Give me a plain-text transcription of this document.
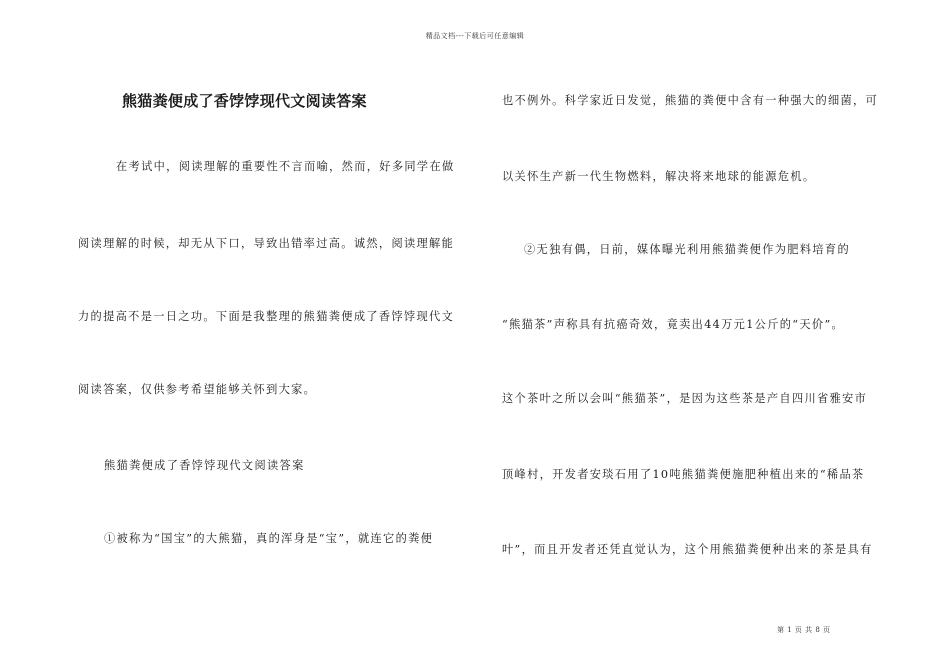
精品文档---下载后可任意编辑
熊猫粪便成了香饽饽现代文阅读答案
在考试中，阅读理解的重要性不言而喻，然而，好多同学在做
阅读理解的时候，却无从下口，导致出错率过高。诚然，阅读理解能
力的提高不是一日之功。下面是我整理的熊猫粪便成了香饽饽现代文
阅读答案，仅供参考希望能够关怀到大家。
熊猫粪便成了香饽饽现代文阅读答案
①被称为“国宝”的大熊猫，真的浑身是“宝”，就连它的粪便
也不例外。科学家近日发觉，熊猫的粪便中含有一种强大的细菌，可
以关怀生产新一代生物燃料，解决将来地球的能源危机。
②无独有偶，日前，媒体曝光利用熊猫粪便作为肥料培育的
“熊猫茶”声称具有抗癌奇效，竟卖出44万元1公斤的“天价”。
这个茶叶之所以会叫“熊猫茶”，是因为这些茶是产自四川省雅安市
顶峰村，开发者安琰石用了10吨熊猫粪便施肥种植出来的“稀品茶
叶”，而且开发者还凭直觉认为，这个用熊猫粪便种出来的茶是具有
第 1 页 共 8 页
